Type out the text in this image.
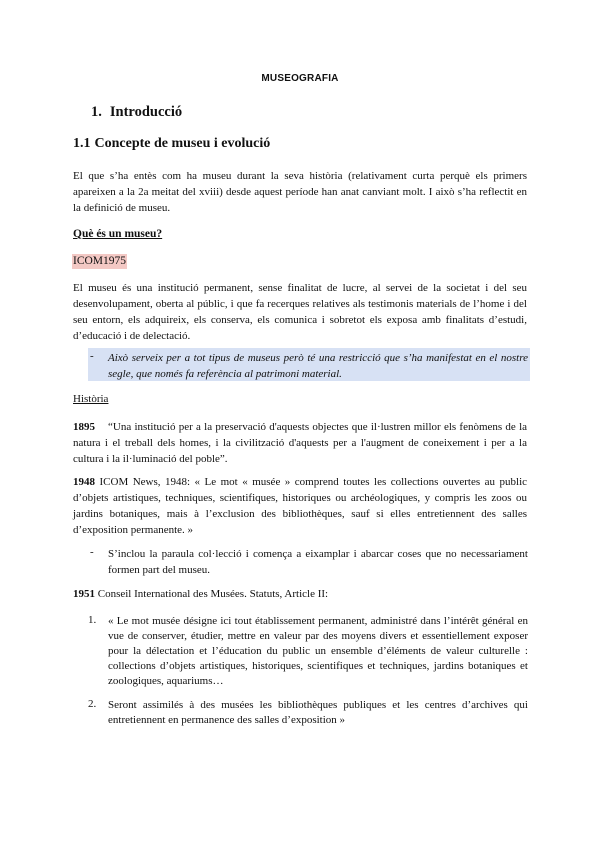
MUSEOGRAFIA
1. Introducció
1.1 Concepte de museu i evolució
El que s’ha entès com ha museu durant la seva història (relativament curta perquè els primers apareixen a la 2a meitat del xviii) desde aquest període han anat canviant molt. I això s’ha reflectit en la definició de museu.
Què és un museu?
ICOM1975
El museu és una institució permanent, sense finalitat de lucre, al servei de la societat i del seu desenvolupament, oberta al públic, i que fa recerques relatives als testimonis materials de l’home i del seu entorn, els adquireix, els conserva, els comunica i sobretot els exposa amb finalitats d’estudi, d’educació i de delectació.
- Això serveix per a tot tipus de museus però té una restricció que s’ha manifestat en el nostre segle, que només fa referència al patrimoni material.
Història
1895 “Una institució per a la preservació d'aquests objectes que il·lustren millor els fenòmens de la natura i el treball dels homes, i la civilització d'aquests per a l'augment de coneixement i per a la cultura i la il·luminació del poble”.
1948 ICOM News, 1948: « Le mot « musée » comprend toutes les collections ouvertes au public d’objets artistiques, techniques, scientifiques, historiques ou archéologiques, y compris les zoos ou jardins botaniques, mais à l’exclusion des bibliothèques, sauf si elles entretiennent des salles d’exposition permanente. »
- S’inclou la paraula col·lecció i comença a eixamplar i abarcar coses que no necessariament formen part del museu.
1951 Conseil International des Musées. Statuts, Article II:
1. « Le mot musée désigne ici tout établissement permanent, administré dans l’intérêt général en vue de conserver, étudier, mettre en valeur par des moyens divers et essentiellement exposer pour la délectation et l’éducation du public un ensemble d’éléments de valeur culturelle : collections d’objets artistiques, historiques, scientifiques et techniques, jardins botaniques et zoologiques, aquariums…
2. Seront assimilés à des musées les bibliothèques publiques et les centres d’archives qui entretiennent en permanence des salles d’exposition »
